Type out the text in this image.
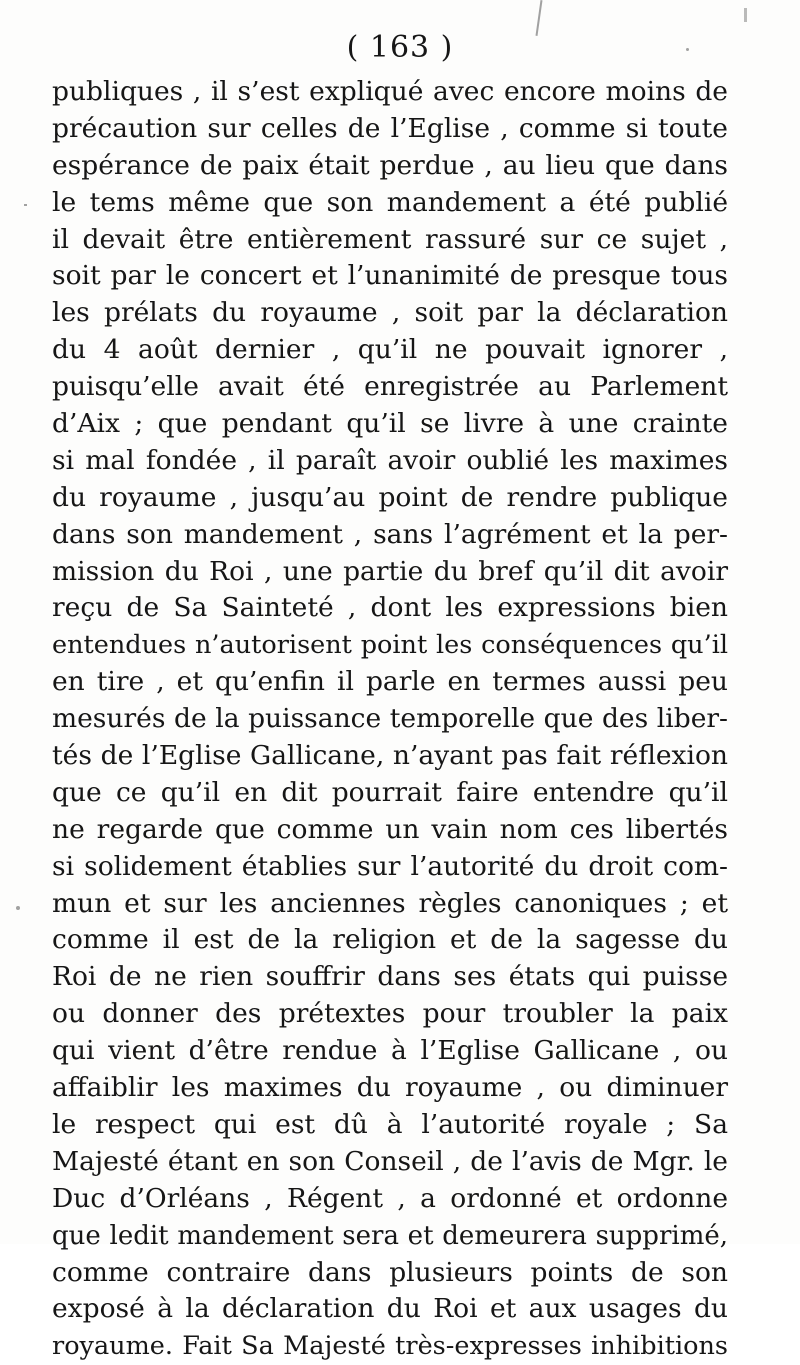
( 163 )
publiques , il s’est expliqué avec encore moins de
précaution sur celles de l’Eglise , comme si toute
espérance de paix était perdue , au lieu que dans
le tems même que son mandement a été publié
il devait être entièrement rassuré sur ce sujet ,
soit par le concert et l’unanimité de presque tous
les prélats du royaume , soit par la déclaration
du 4 août dernier , qu’il ne pouvait ignorer ,
puisqu’elle avait été enregistrée au Parlement
d’Aix ; que pendant qu’il se livre à une crainte
si mal fondée , il paraît avoir oublié les maximes
du royaume , jusqu’au point de rendre publique
dans son mandement , sans l’agrément et la per-
mission du Roi , une partie du bref qu’il dit avoir
reçu de Sa Sainteté , dont les expressions bien
entendues n’autorisent point les conséquences qu’il
en tire , et qu’enfin il parle en termes aussi peu
mesurés de la puissance temporelle que des liber-
tés de l’Eglise Gallicane, n’ayant pas fait réflexion
que ce qu’il en dit pourrait faire entendre qu’il
ne regarde que comme un vain nom ces libertés
si solidement établies sur l’autorité du droit com-
mun et sur les anciennes règles canoniques ; et
comme il est de la religion et de la sagesse du
Roi de ne rien souffrir dans ses états qui puisse
ou donner des prétextes pour troubler la paix
qui vient d’être rendue à l’Eglise Gallicane , ou
affaiblir les maximes du royaume , ou diminuer
le respect qui est dû à l’autorité royale ; Sa
Majesté étant en son Conseil , de l’avis de Mgr. le
Duc d’Orléans , Régent , a ordonné et ordonne
que ledit mandement sera et demeurera supprimé,
comme contraire dans plusieurs points de son
exposé à la déclaration du Roi et aux usages du
royaume. Fait Sa Majesté très-expresses inhibitions
